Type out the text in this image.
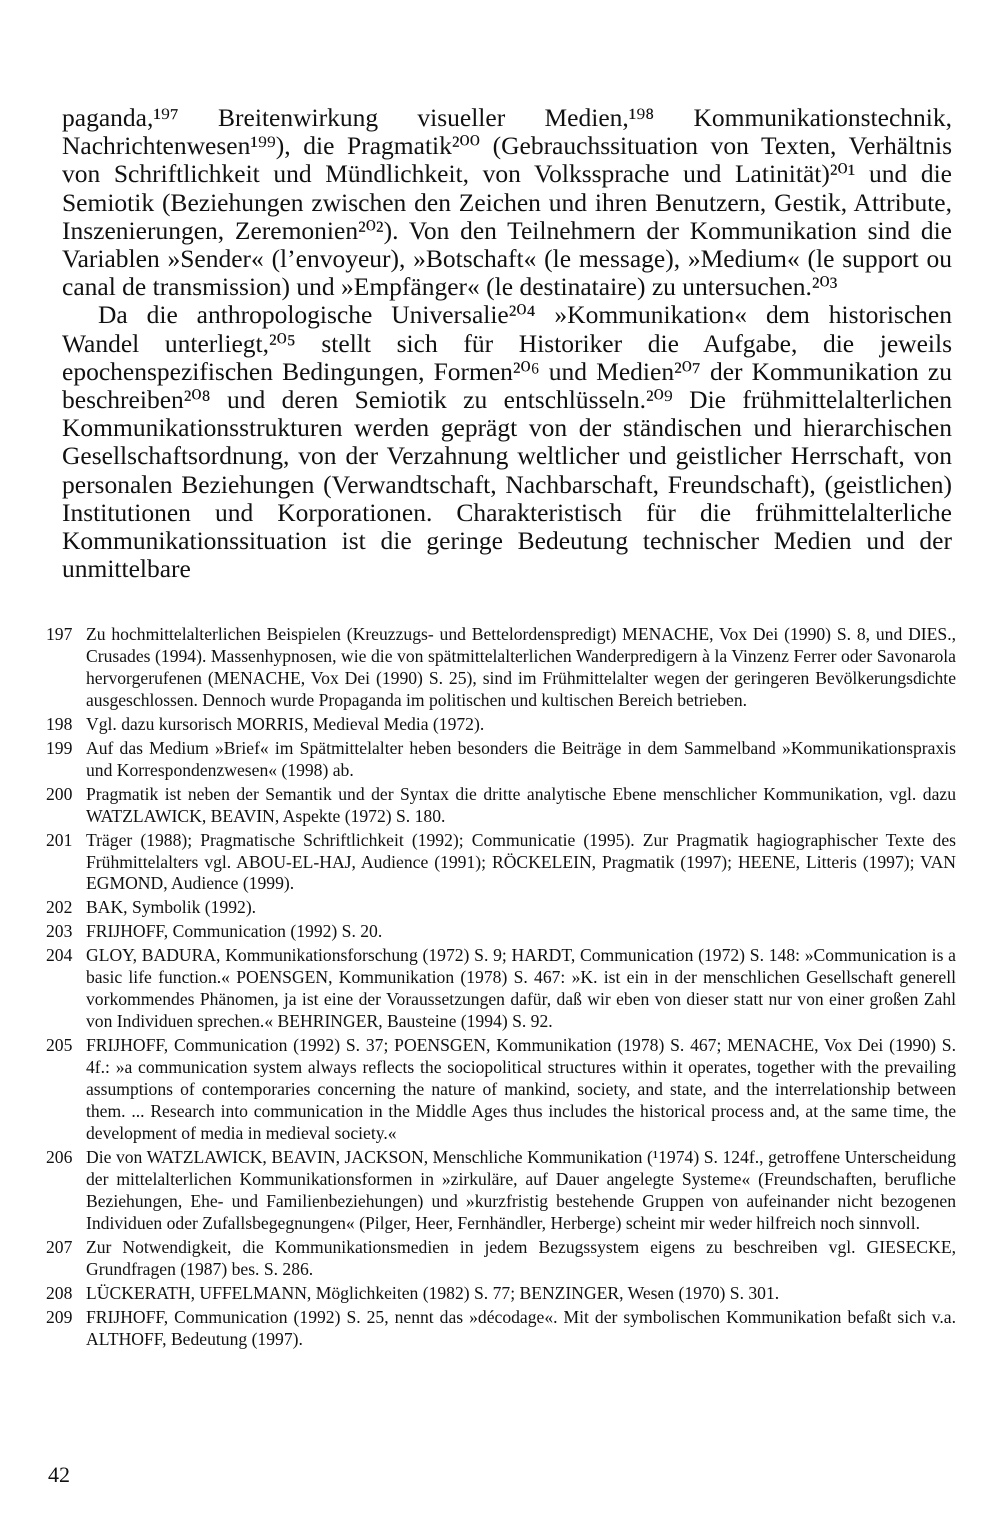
paganda,¹⁹⁷ Breitenwirkung visueller Medien,¹⁹⁸ Kommunikationstechnik, Nachrichtenwesen¹⁹⁹), die Pragmatik²⁰⁰ (Gebrauchssituation von Texten, Verhältnis von Schriftlichkeit und Mündlichkeit, von Volkssprache und Latinität)²⁰¹ und die Semiotik (Beziehungen zwischen den Zeichen und ihren Benutzern, Gestik, Attribute, Inszenierungen, Zeremonien²⁰²). Von den Teilnehmern der Kommunikation sind die Variablen »Sender« (l’envoyeur), »Botschaft« (le message), »Medium« (le support ou canal de transmission) und »Empfänger« (le destinataire) zu untersuchen.²⁰³

Da die anthropologische Universalie²⁰⁴ »Kommunikation« dem historischen Wandel unterliegt,²⁰⁵ stellt sich für Historiker die Aufgabe, die jeweils epochenspezifischen Bedingungen, Formen²⁰⁶ und Medien²⁰⁷ der Kommunikation zu beschreiben²⁰⁸ und deren Semiotik zu entschlüsseln.²⁰⁹ Die frühmittelalterlichen Kommunikationsstrukturen werden geprägt von der ständischen und hierarchischen Gesellschaftsordnung, von der Verzahnung weltlicher und geistlicher Herrschaft, von personalen Beziehungen (Verwandtschaft, Nachbarschaft, Freundschaft), (geistlichen) Institutionen und Korporationen. Charakteristisch für die frühmittelalterliche Kommunikationssituation ist die geringe Bedeutung technischer Medien und der unmittelbare

197 Zu hochmittelalterlichen Beispielen (Kreuzzugs- und Bettelordenspredigt) MENACHE, Vox Dei (1990) S. 8, und DIES., Crusades (1994). Massenhypnosen, wie die von spätmittelalterlichen Wanderpredigern à la Vinzenz Ferrer oder Savonarola hervorgerufenen (MENACHE, Vox Dei (1990) S. 25), sind im Frühmittelalter wegen der geringeren Bevölkerungsdichte ausgeschlossen. Dennoch wurde Propaganda im politischen und kultischen Bereich betrieben.
198 Vgl. dazu kursorisch MORRIS, Medieval Media (1972).
199 Auf das Medium »Brief« im Spätmittelalter heben besonders die Beiträge in dem Sammelband »Kommunikationspraxis und Korrespondenzwesen« (1998) ab.
200 Pragmatik ist neben der Semantik und der Syntax die dritte analytische Ebene menschlicher Kommunikation, vgl. dazu WATZLAWICK, BEAVIN, Aspekte (1972) S. 180.
201 Träger (1988); Pragmatische Schriftlichkeit (1992); Communicatie (1995). Zur Pragmatik hagiographischer Texte des Frühmittelalters vgl. ABOU-EL-HAJ, Audience (1991); RÖCKELEIN, Pragmatik (1997); HEENE, Litteris (1997); VAN EGMOND, Audience (1999).
202 BAK, Symbolik (1992).
203 FRIJHOFF, Communication (1992) S. 20.
204 GLOY, BADURA, Kommunikationsforschung (1972) S. 9; HARDT, Communication (1972) S. 148: »Communication is a basic life function.« POENSGEN, Kommunikation (1978) S. 467: »K. ist ein in der menschlichen Gesellschaft generell vorkommendes Phänomen, ja ist eine der Voraussetzungen dafür, daß wir eben von dieser statt nur von einer großen Zahl von Individuen sprechen.« BEHRINGER, Bausteine (1994) S. 92.
205 FRIJHOFF, Communication (1992) S. 37; POENSGEN, Kommunikation (1978) S. 467; MENACHE, Vox Dei (1990) S. 4f.: »a communication system always reflects the sociopolitical structures within it operates, together with the prevailing assumptions of contemporaries concerning the nature of mankind, society, and state, and the interrelationship between them. ... Research into communication in the Middle Ages thus includes the historical process and, at the same time, the development of media in medieval society.«
206 Die von WATZLAWICK, BEAVIN, JACKSON, Menschliche Kommunikation (¹1974) S. 124f., getroffene Unterscheidung der mittelalterlichen Kommunikationsformen in »zirkuläre, auf Dauer angelegte Systeme« (Freundschaften, berufliche Beziehungen, Ehe- und Familienbeziehungen) und »kurzfristig bestehende Gruppen von aufeinander nicht bezogenen Individuen oder Zufallsbegegnungen« (Pilger, Heer, Fernhändler, Herberge) scheint mir weder hilfreich noch sinnvoll.
207 Zur Notwendigkeit, die Kommunikationsmedien in jedem Bezugssystem eigens zu beschreiben vgl. GIESECKE, Grundfragen (1987) bes. S. 286.
208 LÜCKERATH, UFFELMANN, Möglichkeiten (1982) S. 77; BENZINGER, Wesen (1970) S. 301.
209 FRIJHOFF, Communication (1992) S. 25, nennt das »décodage«. Mit der symbolischen Kommunikation befaßt sich v.a. ALTHOFF, Bedeutung (1997).
42
